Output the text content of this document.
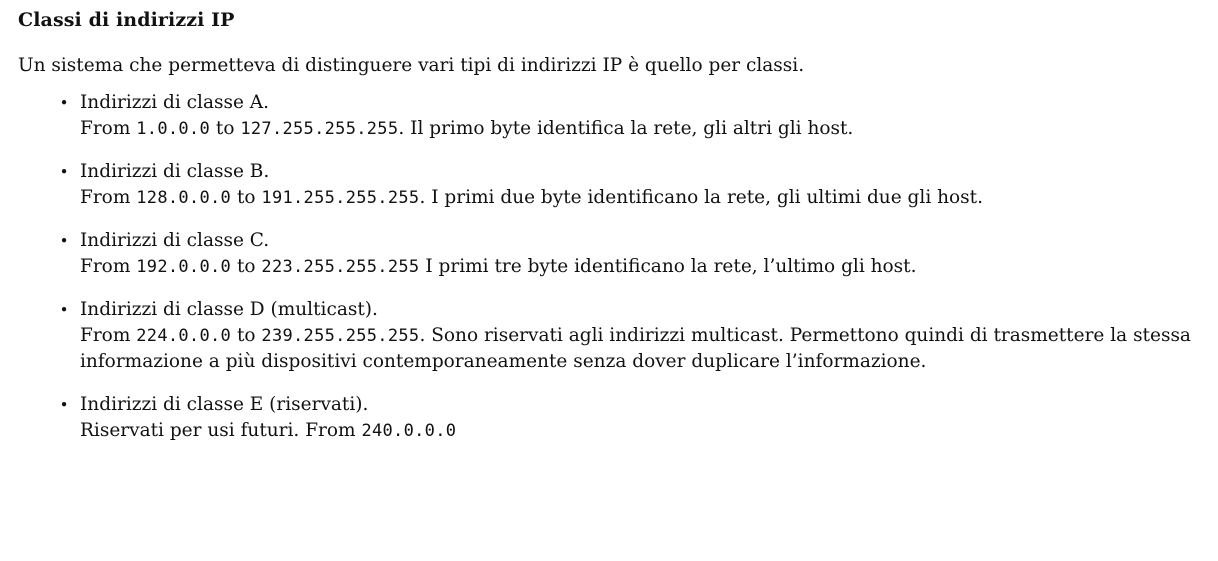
Classi di indirizzi IP

Un sistema che permetteva di distinguere vari tipi di indirizzi IP è quello per classi.

• Indirizzi di classe A.
From 1.0.0.0 to 127.255.255.255. Il primo byte identifica la rete, gli altri gli host.
• Indirizzi di classe B.
From 128.0.0.0 to 191.255.255.255. I primi due byte identificano la rete, gli ultimi due gli host.
• Indirizzi di classe C.
From 192.0.0.0 to 223.255.255.255 I primi tre byte identificano la rete, l’ultimo gli host.
• Indirizzi di classe D (multicast).
From 224.0.0.0 to 239.255.255.255. Sono riservati agli indirizzi multicast. Permettono quindi di trasmettere la stessa informazione a più dispositivi contemporaneamente senza dover duplicare l’informazione.
• Indirizzi di classe E (riservati).
Riservati per usi futuri. From 240.0.0.0
